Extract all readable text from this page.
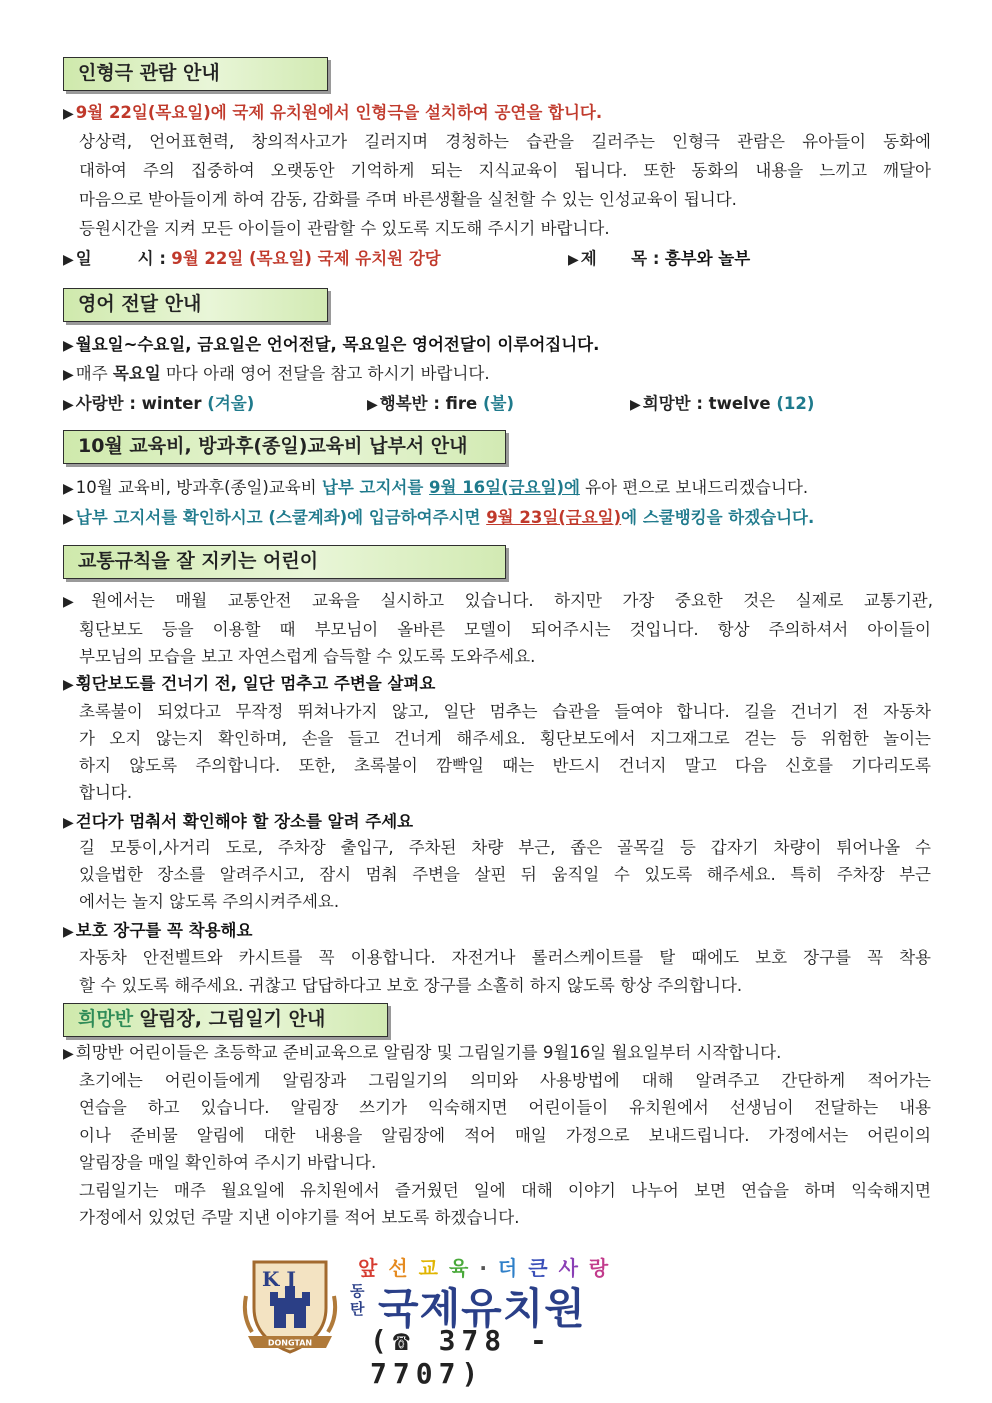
인형극 관람 안내
▶ 9월 22일(목요일)에 국제 유치원에서 인형극을 설치하여 공연을 합니다.
상상력, 언어표현력, 창의적사고가 길러지며 경청하는 습관을 길러주는 인형극 관람은 유아들이 동화에
대하여 주의 집중하여 오랫동안 기억하게 되는 지식교육이 됩니다. 또한 동화의 내용을 느끼고 깨달아
마음으로 받아들이게 하여 감동, 감화를 주며 바른생활을 실천할 수 있는 인성교육이 됩니다.
등원시간을 지켜 모든 아이들이 관람할 수 있도록 지도해 주시기 바랍니다.
▶ 일        시 : 9월 22일 (목요일) 국제 유치원 강당	▶ 제      목 : 흥부와 놀부
영어 전달 안내
▶ 월요일~수요일, 금요일은 언어전달, 목요일은 영어전달이 이루어집니다.
▶ 매주 목요일 마다 아래 영어 전달을 참고 하시기 바랍니다.
▶ 사랑반 : winter (겨울)	▶ 행복반 : fire (불)	▶ 희망반 : twelve (12)
10월 교육비, 방과후(종일)교육비 납부서 안내
▶ 10월 교육비, 방과후(종일)교육비 납부 고지서를 9월 16일(금요일)에 유아 편으로 보내드리겠습니다.
▶ 납부 고지서를 확인하시고 (스쿨계좌)에 입금하여주시면 9월 23일(금요일)에 스쿨뱅킹을 하겠습니다.
교통규칙을 잘 지키는 어린이
▶ 원에서는 매월 교통안전 교육을 실시하고 있습니다. 하지만 가장 중요한 것은 실제로 교통기관,
횡단보도 등을 이용할 때 부모님이 올바른 모델이 되어주시는 것입니다. 항상 주의하셔서 아이들이
부모님의 모습을 보고 자연스럽게 습득할 수 있도록 도와주세요.
▶ 횡단보도를 건너기 전, 일단 멈추고 주변을 살펴요
초록불이 되었다고 무작정 뛰쳐나가지 않고, 일단 멈추는 습관을 들여야 합니다. 길을 건너기 전 자동차
가 오지 않는지 확인하며, 손을 들고 건너게 해주세요. 횡단보도에서 지그재그로 걷는 등 위험한 놀이는
하지 않도록 주의합니다. 또한, 초록불이 깜빡일 때는 반드시 건너지 말고 다음 신호를 기다리도록
합니다.
▶ 걷다가 멈춰서 확인해야 할 장소를 알려 주세요
길 모퉁이,사거리 도로, 주차장 출입구, 주차된 차량 부근, 좁은 골목길 등 갑자기 차량이 튀어나올 수
있을법한 장소를 알려주시고, 잠시 멈춰 주변을 살핀 뒤 움직일 수 있도록 해주세요. 특히 주차장 부근
에서는 놀지 않도록 주의시켜주세요.
▶ 보호 장구를 꼭 착용해요
자동차 안전벨트와 카시트를 꼭 이용합니다. 자전거나 롤러스케이트를 탈 때에도 보호 장구를 꼭 착용
할 수 있도록 해주세요. 귀찮고 답답하다고 보호 장구를 소홀히 하지 않도록 항상 주의합니다.
희망반 알림장, 그림일기 안내
▶ 희망반 어린이들은 초등학교 준비교육으로 알림장 및 그림일기를 9월16일 월요일부터 시작합니다.
초기에는 어린이들에게 알림장과 그림일기의 의미와 사용방법에 대해 알려주고 간단하게 적어가는
연습을 하고 있습니다. 알림장 쓰기가 익숙해지면 어린이들이 유치원에서 선생님이 전달하는 내용
이나 준비물 알림에 대한 내용을 알림장에 적어 매일 가정으로 보내드립니다. 가정에서는 어린이의
알림장을 매일 확인하여 주시기 바랍니다.
그림일기는 매주 월요일에 유치원에서 즐거웠던 일에 대해 이야기 나누어 보면 연습을 하며 익숙해지면
가정에서 있었던 주말 지낸 이야기를 적어 보도록 하겠습니다.
K J
DONGTAN
앞선교육·더큰사랑
동탄 국제유치원
(☎ 378 - 7707)
